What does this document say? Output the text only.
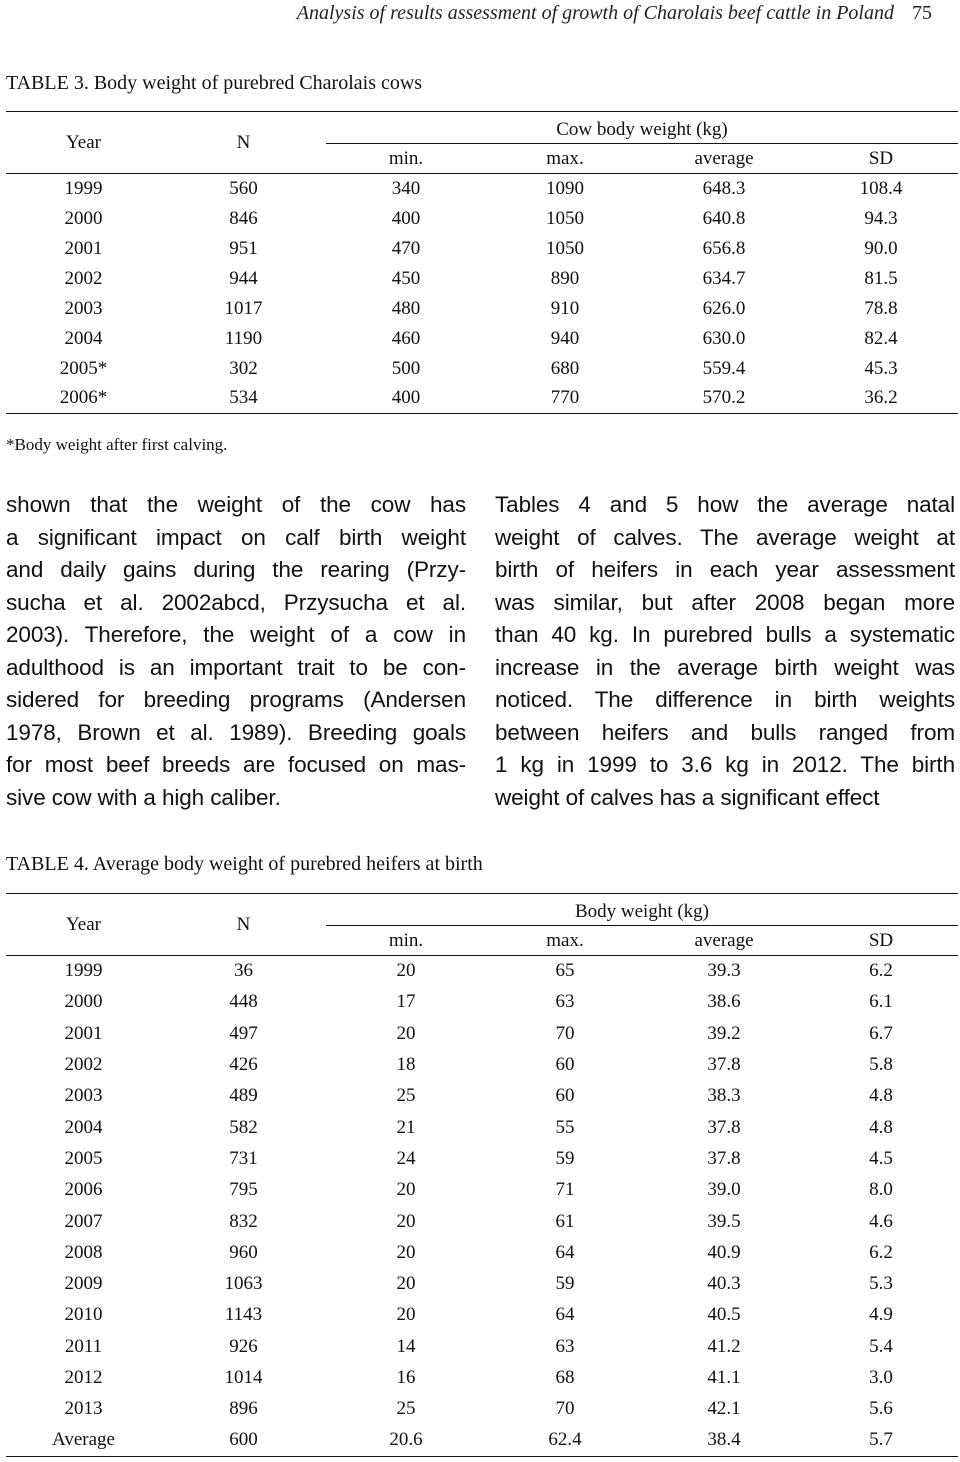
Analysis of results assessment of growth of Charolais beef cattle in Poland 75
TABLE 3. Body weight of purebred Charolais cows
Year	N	Cow body weight (kg)			
		min.	max.	average	SD
1999	560	340	1090	648.3	108.4
2000	846	400	1050	640.8	94.3
2001	951	470	1050	656.8	90.0
2002	944	450	890	634.7	81.5
2003	1017	480	910	626.0	78.8
2004	1190	460	940	630.0	82.4
2005*	302	500	680	559.4	45.3
2006*	534	400	770	570.2	36.2
*Body weight after first calving.
shown that the weight of the cow has
a significant impact on calf birth weight
and daily gains during the rearing (Przy-
sucha et al. 2002abcd, Przysucha et al.
2003). Therefore, the weight of a cow in
adulthood is an important trait to be con-
sidered for breeding programs (Andersen
1978, Brown et al. 1989). Breeding goals
for most beef breeds are focused on mas-
sive cow with a high caliber.
Tables 4 and 5 how the average natal
weight of calves. The average weight at
birth of heifers in each year assessment
was similar, but after 2008 began more
than 40 kg. In purebred bulls a systematic
increase in the average birth weight was
noticed. The difference in birth weights
between heifers and bulls ranged from
1 kg in 1999 to 3.6 kg in 2012. The birth
weight of calves has a significant effect
TABLE 4. Average body weight of purebred heifers at birth
Year	N	Body weight (kg)			
		min.	max.	average	SD
1999	36	20	65	39.3	6.2
2000	448	17	63	38.6	6.1
2001	497	20	70	39.2	6.7
2002	426	18	60	37.8	5.8
2003	489	25	60	38.3	4.8
2004	582	21	55	37.8	4.8
2005	731	24	59	37.8	4.5
2006	795	20	71	39.0	8.0
2007	832	20	61	39.5	4.6
2008	960	20	64	40.9	6.2
2009	1063	20	59	40.3	5.3
2010	1143	20	64	40.5	4.9
2011	926	14	63	41.2	5.4
2012	1014	16	68	41.1	3.0
2013	896	25	70	42.1	5.6
Average	600	20.6	62.4	38.4	5.7
